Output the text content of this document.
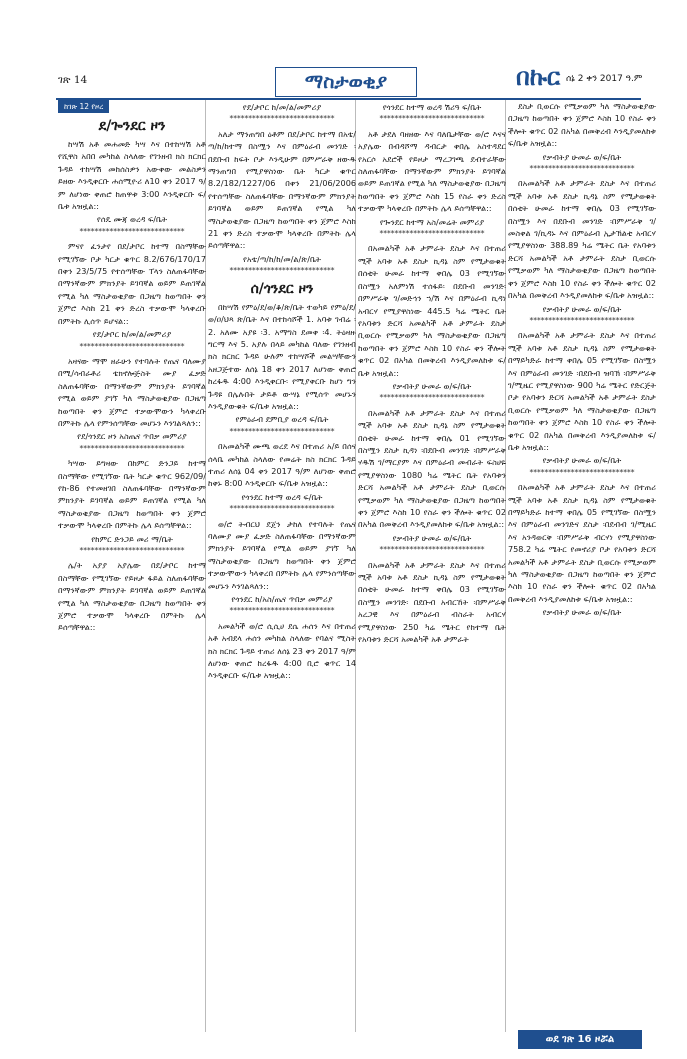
ገጽ 14	ማስታወቂያ	በኩር ሰኔ 2 ቀን 2017 ዓ.ም
ከገጽ 12 የዞረ
ደ/ጐንደር ዞን
ከሣሽ አቶ መሐመድ ካሣ እና በተከሣሽ አቶ የሺዋስ አበበ መካከል ስላለው የገንዘብ ክስ ክርክር ጉዳይ ተከሣሽ መከሰስዎን አውቀው መልስዎን ይዘው እንዲቀርቡ ሐሰሚዮሪ ለ10 ቀን 2017 ዓ/ም ለሆነው ቀጠሮ ከጠዋቱ 3:00 እንዲቀርቡ ፍ/ቤቱ አዝዟል::
የሰዴ ሙጃ ወረዳ ፍ/ቤት
****************************
ምናየ ፈንታየ በደ/ታቦር ከተማ በስማቸው የሚገኘው ቦታ ካርታ ቁጥር 8.2/676/170/17 በቀን 23/5/75 የተሰጣቸው ፐላን ስለጠፋባቸው በማንኛውም ምክንያት ይገባኛል ወይም ይጠገኛል የሚል ካለ ማስታወቂያው በጋዜጣ ከወጣበት ቀን ጀምሮ እስከ 21 ቀን ድረስ ተቃውሞ ካላቀረቡ በምትኩ ሊሰጥ ይሆናል::
የደ/ታቦር ከ/መ/ል/መምሪያ
****************************
አዛናው ማሞ ዘራሁን የተባሉት የጤና ባለሙያ በሚ/ሳብራቶሪ ቴክኖሎጅስት ሙያ ፈቃድ ስለጠፋባቸው በማንኛውም ምክንያት ይገባኛል የሚል ወይም ያገኘ ካለ ማስታወቂያው በጋዜጣ ከወጣበት ቀን ጀምሮ ተቃውሞውን ካላቀረቡ በምትኩ ሌላ የምንሰጣቸው መሆኑን እንገልጻለን::
የደ/ጎንደር ዞን አስጤና ጥበቃ መምሪያ
****************************
ካሣው ይግዛው በከምር ድንጋይ ከተማ በስማቸው የሚገኘው ቤት ካርታ ቁጥር 962/09/የከ-86 የተመዘገበ ስለጠፋባቸው በማንኛውም ምክንያት ይገባኛል ወይም ይጠገኛል የሚል ካለ ማስታወቂያው በጋዜጣ ከወጣበት ቀን ጀምሮ ተቃውሞ ካላቀረቡ በምትኩ ሌላ ይሰጣቸዋል::
የከምር ድንጋይ መሪ ማ/ቤት
****************************
ሌ/ት አያያ አያሌው በደ/ታቦር ከተማ በስማቸው የሚገኘው የይዞታ ፋይል ስለጠፋባቸው በማንኛውም ምክንያት ይገባኛል ወይም ይጠገኛል የሚል ካለ ማስታወቂያው በጋዜጣ ከወጣበት ቀን ጀምሮ ተቃውሞ ካላቀረቡ በምትኩ ሌላ ይሰጣቸዋል::
የደ/ታቦር ከ/መ/ል/መምሪያ
****************************
አለታ ማንጠግበ ዕቶም በደ/ታቦር ከተማ በአቴ/ጣ/ከ/ከተማ በስሟን እና በምዕራብ መንገድ ፡በደቡብ ከፍት ቦታ እንዲሁም በምሥራቅ ዘውዱ ማንጠግበ የሚያዋስነው ቤት ካርታ ቁጥር 8.2/182/1227/06 በቀን 21/06/2006 የተሰጣቸው ስለጠፋባቸው በማንኛውም ምክንያት ይገባኛል ወይም ይጠገኛል የሚል ካለ ማስታወቂያው በጋዜጣ ከወጣበት ቀን ጀምሮ እስከ 21 ቀን ድረስ ተቃውሞ ካላቀረቡ በምትኩ ሌላ ይሰጣቸዋል::
የአቴ/ጣ/ከ/ከ/መ/ል/ጽ/ቤት
****************************
ሰ/ጎንደር ዞን
በከሣሽ የምዕ/ደ/ወ/ቆ/ጽ/ቤት ተወካይ የምዕ/ደ/ወ/ዐ/ህጻ ጽ/ቤት እና በተከሳሾች 1. አባቱ ገብሬ ፡2. አለሙ አያዩ ፡3. አማግስ ደመቀ ፡4. ትዕዛዙ ግርማ እና 5. አያሉ በላይ መካከል ባለው የገንዘብ ክስ ክርክር ጉዳይ ሁሉም ተከሣሾች መልሣቸውን አዘጋጅተው ለሰኔ 18 ቀን 2017 ለሆነው ቀጠሮ ከረፋዱ 4:00 እንዲቀርቡ፡ የሚያቀርቡ ከሆነ ግን ጉዳዩ በሌሉበት ታይቶ ውሣኔ የሚሰጥ መሆኑን እንዲያውቁት ፍ/ቤቱ አዝዟል::
የምዕራብ ደምቢያ ወረዳ ፍ/ቤት
****************************
በአመልካች ሙጫ ወረደ እና በተጠሪ አ/ይ በሰና ሰላቤ መካከል ስላለው የመሬት ክስ ክርክር ጉዳይ ተጠሪ ለሰኔ 04 ቀን 2017 ዓ/ም ለሆነው ቀጠሮ ከቀኑ 8:00 እንዲቀርቡ ፍ/ቤቱ አዝዟል::
የጎንደር ከተማ ወረዳ ፍ/ቤት
****************************
ወ/ሮ ትብርህ ደጀን ታከለ የተባሉት የጤና ባለሙያ ሙያ ፈቃድ ስለጠፋባቸው በማንኛውም ምክንያት ይገባኛል የሚል ወይም ያገኘ ካለ ማስታወቂያው በጋዜጣ ከወጣበት ቀን ጀምሮ ተቃውሞውን ካላቀረበ በምትኩ ሌላ የምንሰጣቸው መሆኑን እንገልጻለን::
የጎንደር ከ/አስ/ጤና ጥበቃ መምሪያ
****************************
አመልካች ወ/ሮ ሲሲሀ ደሴ ሐሰን እና በተጠሪ አቶ አብደላ ሐሰን መካከል ስላለው የባልና ሚስት ክስ ክርክር ጉዳይ ተጠሪ ለሰኔ 23 ቀን 2017 ዓ/ም ለሆነው ቀጠሮ ከረፋዱ 4:00 ቢሮ ቁጥር 14 እንዲቀርቡ ፍ/ቤቱ አዝዟል::
የጎንደር ከተማ ወረዳ ሽሪዓ ፍ/ቤት
****************************
አቶ ታደለ ባዘዘው እና ባለቤታቸው ወ/ሮ እናና አያሌው በብዳሾማ ዳብርታ ቀበሌ አስተዳደር የአርሶ አደሮች የይዞታ ማረጋገጫ ደብተራቸው ስለጠፋባቸው በማንኛውም ምክንያት ይገባኛል ወይም ይጠገኛል የሚል ካለ ማስታወቂያው በጋዜጣ ከወጣበት ቀን ጀምሮ እስከ 15 የስራ ቀን ድረስ ተቃውሞ ካላቀረቡ በምትኩ ሌላ ይሰጣቸዋል::
የጐንደር ከተማ አስ/መሬት መምሪያ
****************************
በአመልካች አቶ ታምራት ደስታ እና በተጠሪ ሚች አባቱ አቶ ደስታ ኪዳኔ ስም የሚታወቁት በሰቲት ሁመራ ከተማ ቀበሌ 03 የሚገኘው በስሟን አለምነሽ ተሰፋይ፡ በደቡብ መንገድ፡ በምሥራቅ ገ/መድኅን ኀ/ሽ እና በምዕራብ ኪዳነ አብርሃ የሚያዋስነው 445.5 ካሬ ሜትር ቤት የአባቱን ድርሻ አመልካች አቶ ታምራት ደስታ ቢወርሱ የሚቃወም ካለ ማስታወቂያው በጋዜጣ ከወጣበት ቀን ጀምሮ እስከ 10 የስራ ቀን ችሎት ቁጥር 02 በአካል በመቅረብ እንዲያመለከቱ ፍ/ቤቱ አዝዟል::
የቃብትያ ሁመራ ወ/ፍ/ቤት
****************************
በአመልካች አቶ ታምራት ደስታ እና በተጠሪ ሚች አባቱ አቶ ደስታ ኪዳኔ ስም የሚታወቁት በሰቲት ሁመራ ከተማ ቀበሌ 01 የሚገኘው በስሟን ደስታ ኪዳነ ፡በደቡብ መንገድ ፡በምሥራቅ ሃዱሽ ገ/ማርያም እና በምዕራብ መብራት ፍስሀዬ የሚያዋስነው 1080 ካሬ ሜትር ቤት የአባቱን ድርሻ አመልካች አቶ ታምራት ደስታ ቢወርሱ የሚቃወም ካለ ማስታወቂያው በጋዜጣ ከወጣበት ቀን ጀምሮ እስከ 10 የስራ ቀን ችሎት ቁጥር 02 በአካል በመቅረብ እንዲያመለከቱ ፍ/ቤቱ አዝዟል::
የቃብትያ ሁመራ ወ/ፍ/ቤት
****************************
በአመልካች አቶ ታምራት ደስታ እና በተጠሪ ሚች አባቱ አቶ ደስታ ኪዳኔ ስም የሚታወቁት በሰቲት ሁመራ ከተማ ቀበሌ 03 የሚገኘው በስሟን መንገድ፡ በደቡብ አብርኸት ፡በምሥራቅ አረጋዊ እና በምዕራብ ብስራት አብርሃ የሚያዋስነው 250 ካሬ ሜትር የከተማ ቤት የአባቱን ድርሻ አመልካች አቶ ታምራት
ደስታ ቢወርሱ የሚቃወም ካለ ማስታወቂያው በጋዜጣ ከወጣበት ቀን ጀምሮ እስከ 10 የስራ ቀን ችሎት ቁጥር 02 በአካል በመቅረብ እንዲያመለከቱ ፍ/ቤቱ አዝዟል::
የቃብትያ ሁመራ ወ/ፍ/ቤት
****************************
በአመልካች አቶ ታምራት ደስታ እና በተጠሪ ሚች አባቱ አቶ ደስታ ኪዳኔ ስም የሚታወቁት በሰቲት ሁመራ ከተማ ቀበሌ 03 የሚገኘው በስሟን እና በደቡብ መንገድ ፡በምሥራቅ ገ/መስቀል ገ/ኪዳኑ እና በምዕራብ ኢታኽልቲ አብርሃ የሚያዋስነው 388.89 ካሬ ሜትር ቤት የአባቱን ድርሻ አመልካች አቶ ታምራት ደስታ ቢወርሱ የሚቃወም ካለ ማስታወቂያው በጋዜጣ ከወጣበት ቀን ጀምሮ እስከ 10 የስራ ቀን ችሎት ቁጥር 02 በአካል በመቅረብ እንዲያመለከቱ ፍ/ቤቱ አዝዟል::
የቃብትያ ሁመራ ወ/ፍ/ቤት
****************************
በአመልካች አቶ ታምራት ደስታ እና በተጠሪ ሚች አባቱ አቶ ደስታ ኪዳኔ ስም የሚታወቁት በማይካድራ ከተማ ቀበሌ 05 የሚገኘው በስሟን እና በምዕራብ መንገድ ፡በደቡብ ዝባኽ ፡በምሥራቅ ገ/ሚዜር የሚያዋስነው 900 ካሬ ሜትር የድርጅት ቦታ የአባቱን ድርሻ አመልካች አቶ ታምራት ደስታ ቢወርሱ የሚቃወም ካለ ማስታወቂያው በጋዜጣ ከወጣበት ቀን ጀምሮ እስከ 10 የስራ ቀን ችሎት ቁጥር 02 በአካል በመቅረብ እንዲያመለከቱ ፍ/ቤቱ አዝዟል::
የቃብትያ ሁመራ ወ/ፍ/ቤት
****************************
በአመልካች አቶ ታምራት ደስታ እና በተጠሪ ሚች አባቱ አቶ ደስታ ኪዳኔ ስም የሚታወቁት በማይካድራ ከተማ ቀበሌ 05 የሚገኘው በስሟን እና በምዕራብ መንገድና ደስታ ፡በደብብ ገ/ሚዜር እና አንዳወርቅ ፡በምሥራቅ ብርሃነ የሚያዋስነው 758.2 ካሬ ሜትር የመኖሪያ ቦታ የአባቱን ድርሻ አመልካች አቶ ታምራት ደስታ ቢወርሱ የሚቃወም ካለ ማስታወቂያው በጋዜጣ ከወጣበት ቀን ጀምሮ እስከ 10 የስራ ቀን ችሎት ቁጥር 02 በአካል በመቅረብ እንዲያመለከቱ ፍ/ቤቱ አዝዟል::
የቃብትያ ሁመራ ወ/ፍ/ቤት
ወደ ገጽ 16 ዞሯል
